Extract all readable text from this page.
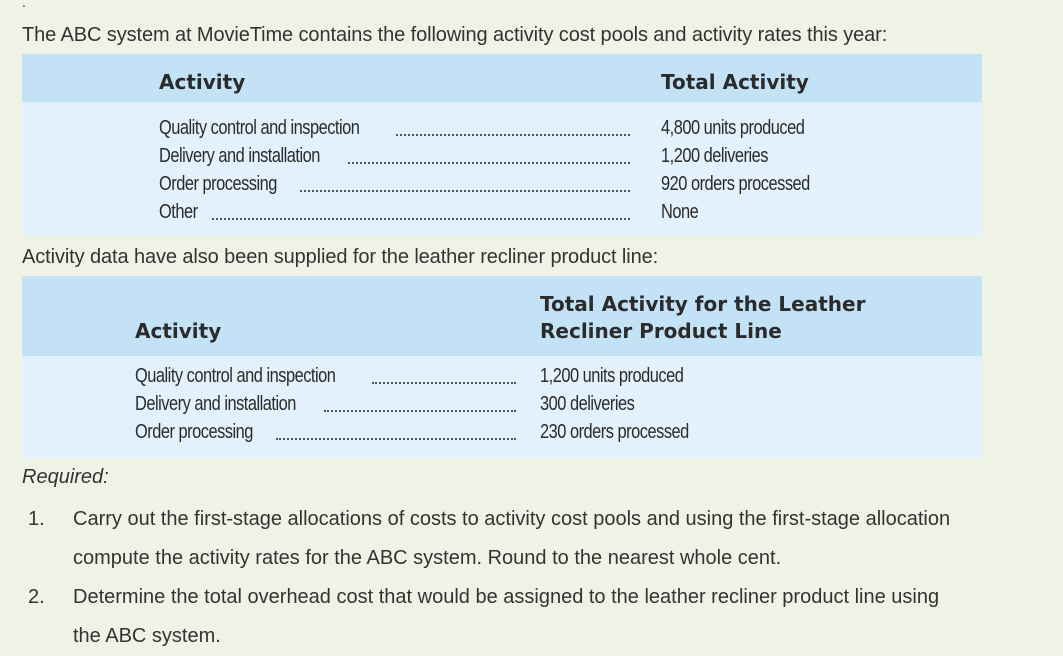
.
The ABC system at MovieTime contains the following activity cost pools and activity rates this year:
Activity	Total Activity
Quality control and inspection	4,800 units produced
Delivery and installation	1,200 deliveries
Order processing	920 orders processed
Other	None
Activity data have also been supplied for the leather recliner product line:
Activity
Total Activity for the Leather
Recliner Product Line
Quality control and inspection	1,200 units produced
Delivery and installation	300 deliveries
Order processing	230 orders processed
Required:
1. Carry out the first-stage allocations of costs to activity cost pools and using the first-stage allocation
compute the activity rates for the ABC system. Round to the nearest whole cent.
2. Determine the total overhead cost that would be assigned to the leather recliner product line using
the ABC system.
